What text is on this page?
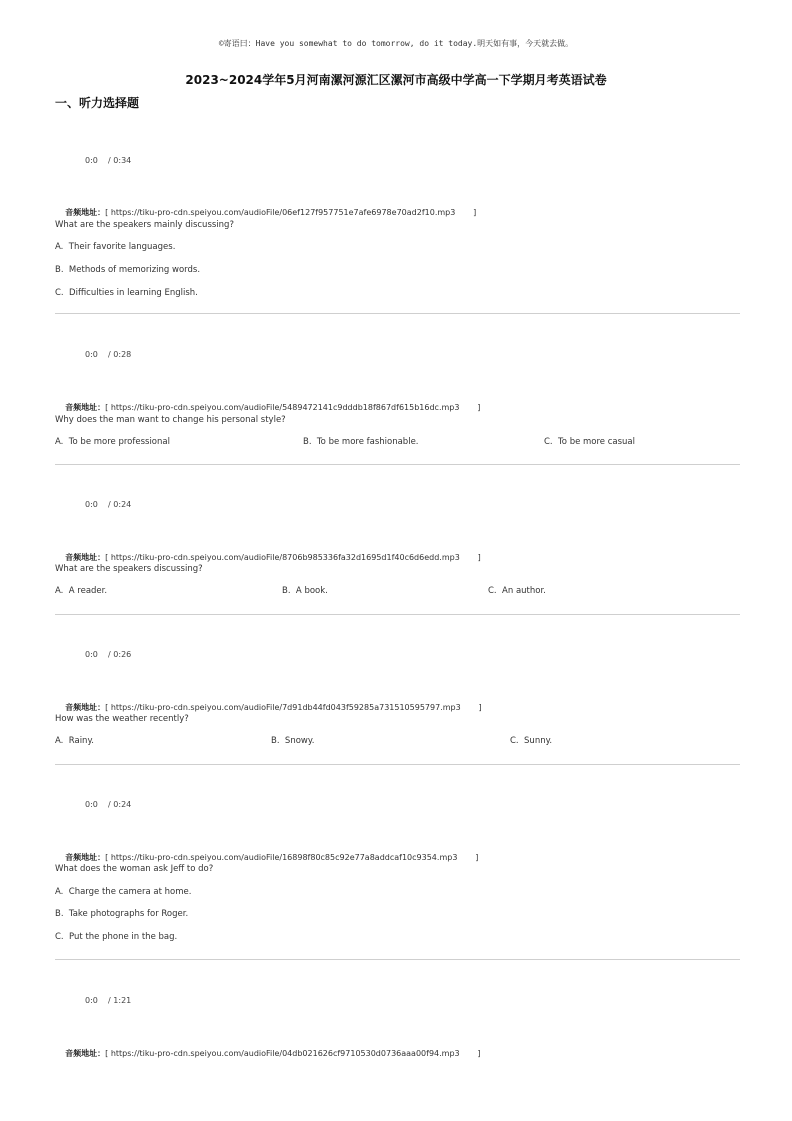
©寄语曰：Have you somewhat to do tomorrow, do it today.明天如有事，今天就去做。
2023~2024学年5月河南漯河源汇区漯河市高级中学高一下学期月考英语试卷
一、听力选择题
0:0    / 0:34

音频地址：[ https://tiku-pro-cdn.speiyou.com/audioFile/06ef127f957751e7afe6978e70ad2f10.mp3       ]

What are the speakers mainly discussing?
A.  Their favorite languages.
B.  Methods of memorizing words.
C.  Difficulties in learning English.
0:0    / 0:28

音频地址：[ https://tiku-pro-cdn.speiyou.com/audioFile/5489472141c9dddb18f867df615b16dc.mp3       ]

Why does the man want to change his personal style?
A.  To be more professional	B.  To be more fashionable.	C.  To be more casual
0:0    / 0:24

音频地址：[ https://tiku-pro-cdn.speiyou.com/audioFile/8706b985336fa32d1695d1f40c6d6edd.mp3       ]

What are the speakers discussing?
A.  A reader.	B.  A book.	C.  An author.
0:0    / 0:26

音频地址：[ https://tiku-pro-cdn.speiyou.com/audioFile/7d91db44fd043f59285a731510595797.mp3       ]

How was the weather recently?
A.  Rainy.	B.  Snowy.	C.  Sunny.
0:0    / 0:24

音频地址：[ https://tiku-pro-cdn.speiyou.com/audioFile/16898f80c85c92e77a8addcaf10c9354.mp3       ]

What does the woman ask Jeff to do?
A.  Charge the camera at home.
B.  Take photographs for Roger.
C.  Put the phone in the bag.
0:0    / 1:21

音频地址：[ https://tiku-pro-cdn.speiyou.com/audioFile/04db021626cf9710530d0736aaa00f94.mp3       ]
